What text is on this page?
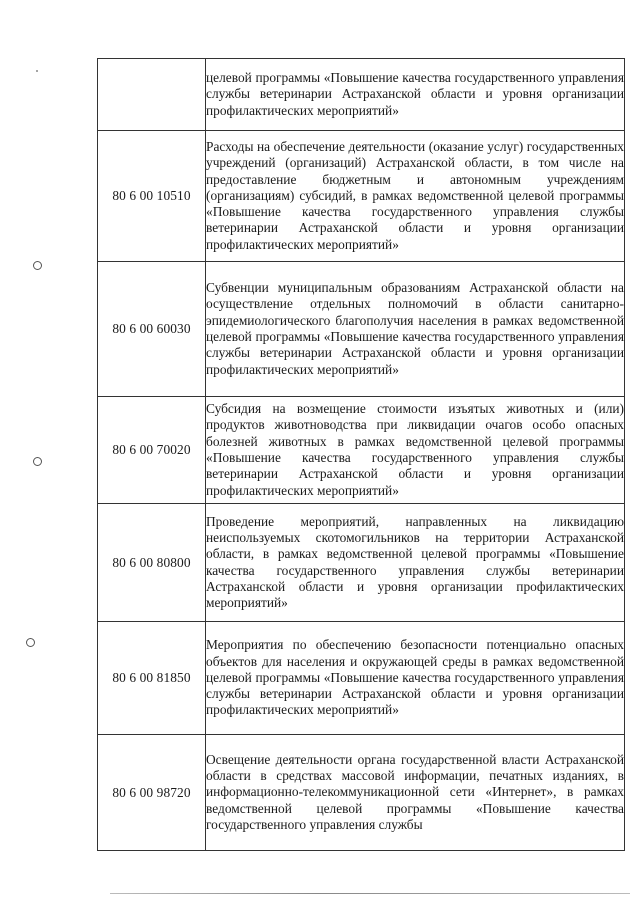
	целевой программы «Повышение качества государственного управления службы ветеринарии Астраханской области и уровня организации профилактических мероприятий»
80 6 00 10510	Расходы на обеспечение деятельности (оказание услуг) государственных учреждений (организаций) Астраханской области, в том числе на предоставление бюджетным и автономным учреждениям (организациям) субсидий, в рамках ведомственной целевой программы «Повышение качества государственного управления службы ветеринарии Астраханской области и уровня организации профилактических мероприятий»
80 6 00 60030	Субвенции муниципальным образованиям Астраханской области на осуществление отдельных полномочий в области санитарно-эпидемиологического благополучия населения в рамках ведомственной целевой программы «Повышение качества государственного управления службы ветеринарии Астраханской области и уровня организации профилактических мероприятий»
80 6 00 70020	Субсидия на возмещение стоимости изъятых животных и (или) продуктов животноводства при ликвидации очагов особо опасных болезней животных в рамках ведомственной целевой программы «Повышение качества государственного управления службы ветеринарии Астраханской области и уровня организации профилактических мероприятий»
80 6 00 80800	Проведение мероприятий, направленных на ликвидацию неиспользуемых скотомогильников на территории Астраханской области, в рамках ведомственной целевой программы «Повышение качества государственного управления службы ветеринарии Астраханской области и уровня организации профилактических мероприятий»
80 6 00 81850	Мероприятия по обеспечению безопасности потенциально опасных объектов для населения и окружающей среды в рамках ведомственной целевой программы «Повышение качества государственного управления службы ветеринарии Астраханской области и уровня организации профилактических мероприятий»
80 6 00 98720	Освещение деятельности органа государственной власти Астраханской области в средствах массовой информации, печатных изданиях, в информационно-телекоммуникационной сети «Интернет», в рамках ведомственной целевой программы «Повышение качества государственного управления службы
